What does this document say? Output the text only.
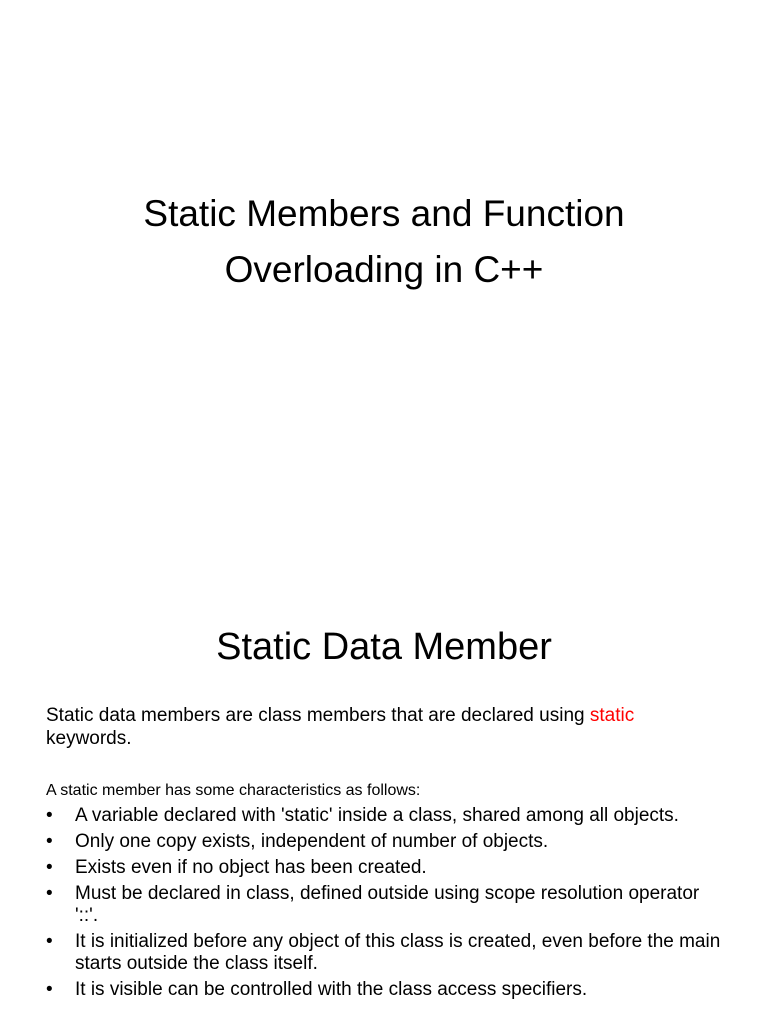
Static Members and Function
Overloading in C++
Static Data Member

Static data members are class members that are declared using static
keywords.

A static member has some characteristics as follows:

• A variable declared with 'static' inside a class, shared among all objects.
• Only one copy exists, independent of number of objects.
• Exists even if no object has been created.
• Must be declared in class, defined outside using scope resolution operator '::'.
• It is initialized before any object of this class is created, even before the main starts outside the class itself.
• It is visible can be controlled with the class access specifiers.
